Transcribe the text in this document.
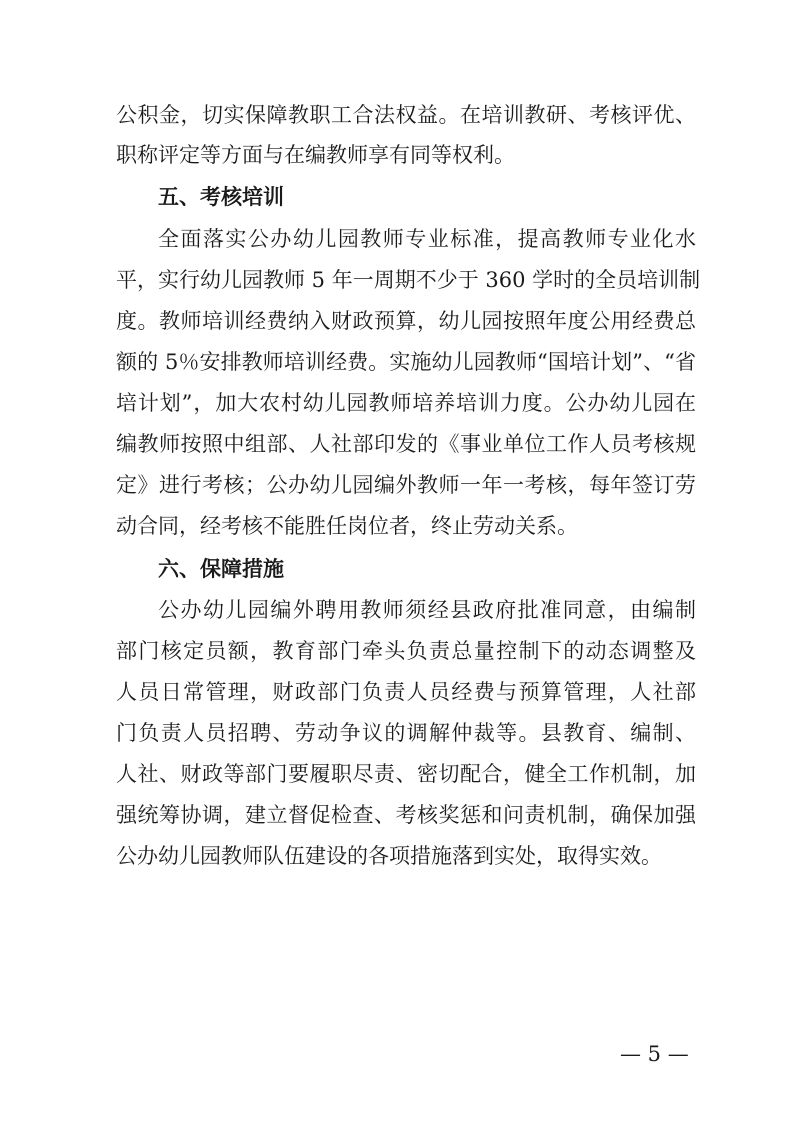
公积金，切实保障教职工合法权益。在培训教研、考核评优、
职称评定等方面与在编教师享有同等权利。
五、考核培训
全面落实公办幼儿园教师专业标准，提高教师专业化水
平，实行幼儿园教师 5 年一周期不少于 360 学时的全员培训制
度。教师培训经费纳入财政预算，幼儿园按照年度公用经费总
额的 5％安排教师培训经费。实施幼儿园教师“国培计划”、“省
培计划”，加大农村幼儿园教师培养培训力度。公办幼儿园在
编教师按照中组部、人社部印发的《事业单位工作人员考核规
定》进行考核；公办幼儿园编外教师一年一考核，每年签订劳
动合同，经考核不能胜任岗位者，终止劳动关系。
六、保障措施
公办幼儿园编外聘用教师须经县政府批准同意，由编制
部门核定员额，教育部门牵头负责总量控制下的动态调整及
人员日常管理，财政部门负责人员经费与预算管理，人社部
门负责人员招聘、劳动争议的调解仲裁等。县教育、编制、
人社、财政等部门要履职尽责、密切配合，健全工作机制，加
强统筹协调，建立督促检查、考核奖惩和问责机制，确保加强
公办幼儿园教师队伍建设的各项措施落到实处，取得实效。
— 5 —
